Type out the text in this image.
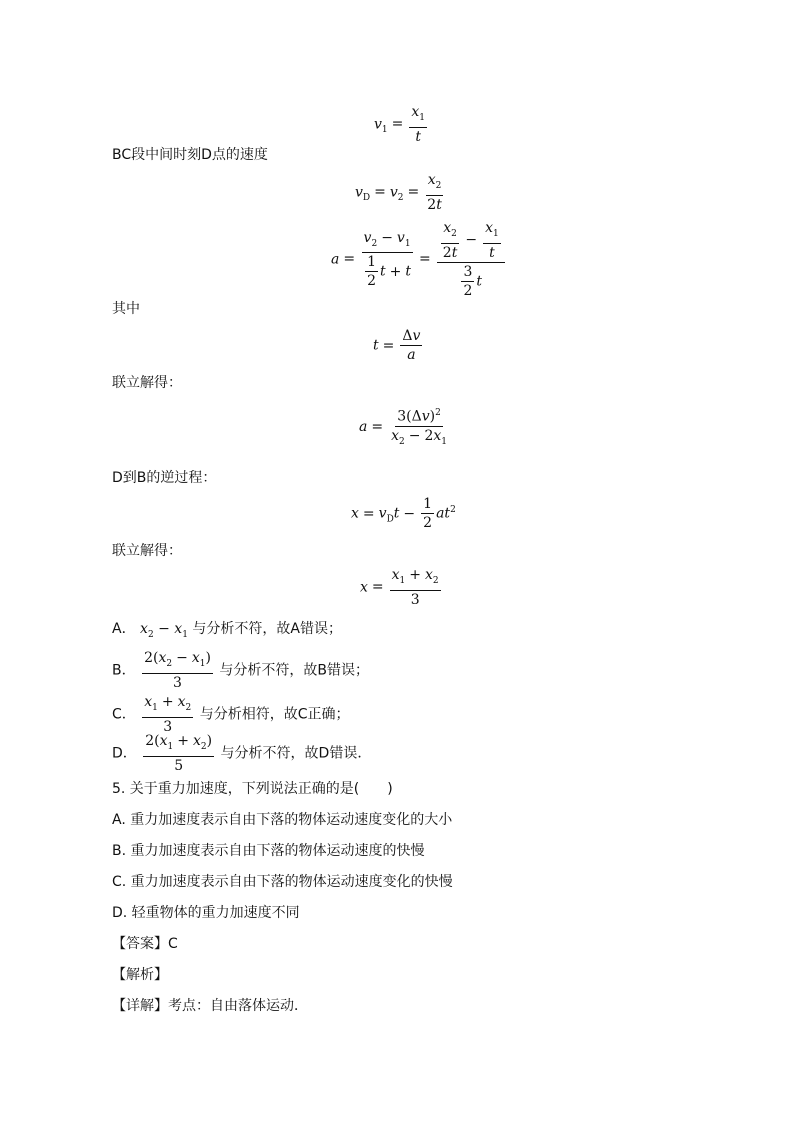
$v_1 = \frac{x_1}{t}$
BC段中间时刻D点的速度
$v_D = v_2 = \frac{x_2}{2t}$
$a = \frac{v_2 - v_1}{\frac{1}{2} t + t} = \frac{\frac{x_2}{2t} - \frac{x_1}{t}}{\frac{3}{2} t}$
其中
$t = \frac{\Delta v}{a}$
联立解得：
$a = \frac{3(\Delta v)^2}{x_2 - 2x_1}$
D到B的逆过程：
$x = v_Dt - \frac{1}{2} at^2$
联立解得：
$x = \frac{x_1 + x_2}{3}$
A． $x_2 - x_1$ 与分析不符，故A错误；
B． $\frac{2(x_2 - x_1)}{3}$ 与分析不符，故B错误；
C． $\frac{x_1 + x_2}{3}$ 与分析相符，故C正确；
D． $\frac{2(x_1 + x_2)}{5}$ 与分析不符，故D错误．
5. 关于重力加速度，下列说法正确的是(　　)
A. 重力加速度表示自由下落的物体运动速度变化的大小
B. 重力加速度表示自由下落的物体运动速度的快慢
C. 重力加速度表示自由下落的物体运动速度变化的快慢
D. 轻重物体的重力加速度不同
【答案】C
【解析】
【详解】考点：自由落体运动．
